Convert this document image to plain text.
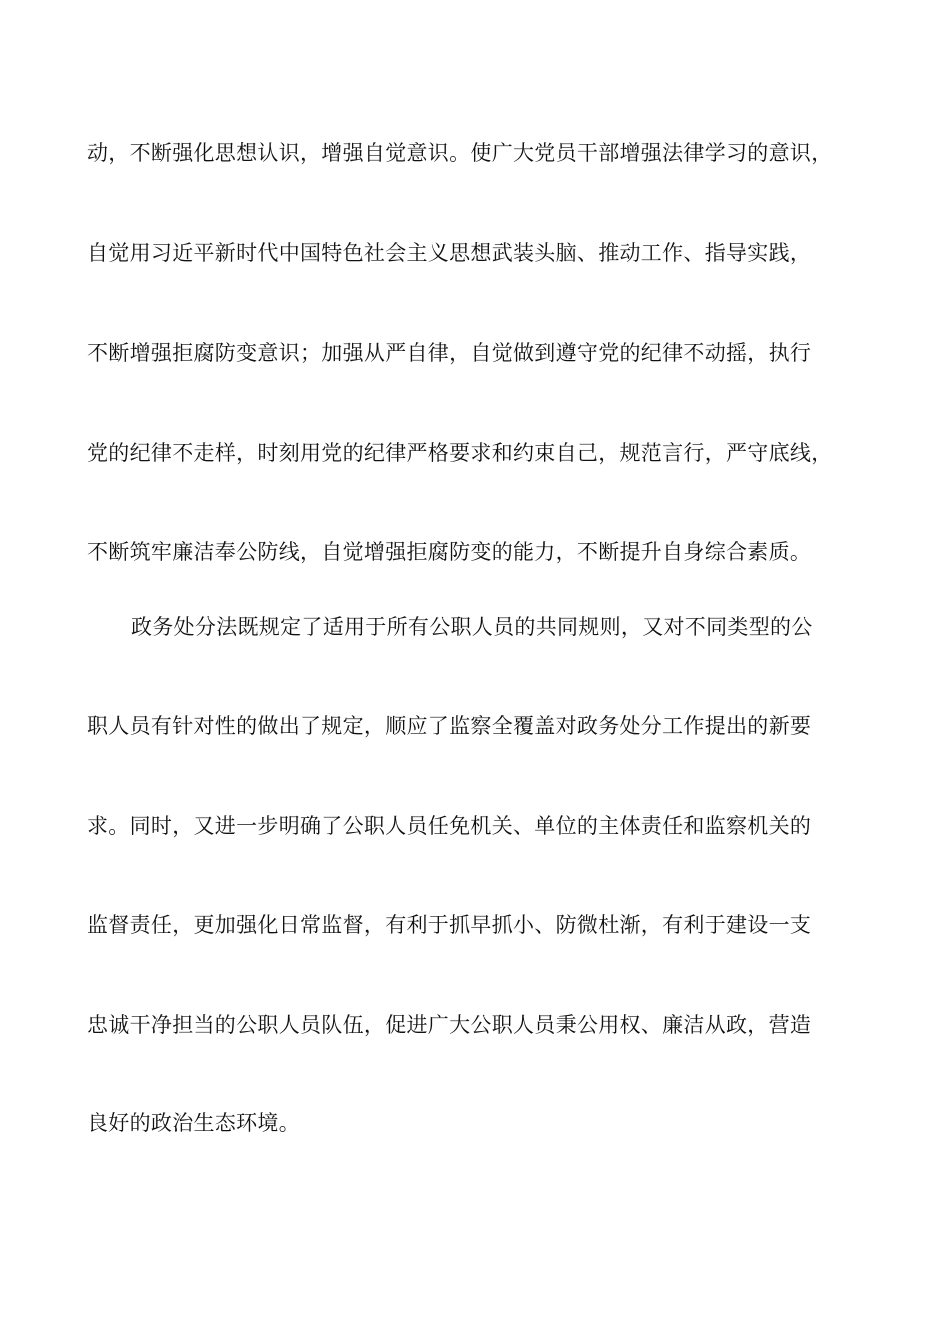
动，不断强化思想认识，增强自觉意识。使广大党员干部增强法律学习的意识，
自觉用习近平新时代中国特色社会主义思想武装头脑、推动工作、指导实践，
不断增强拒腐防变意识；加强从严自律，自觉做到遵守党的纪律不动摇，执行
党的纪律不走样，时刻用党的纪律严格要求和约束自己，规范言行，严守底线，
不断筑牢廉洁奉公防线，自觉增强拒腐防变的能力，不断提升自身综合素质。
政务处分法既规定了适用于所有公职人员的共同规则，又对不同类型的公
职人员有针对性的做出了规定，顺应了监察全覆盖对政务处分工作提出的新要
求。同时，又进一步明确了公职人员任免机关、单位的主体责任和监察机关的
监督责任，更加强化日常监督，有利于抓早抓小、防微杜渐，有利于建设一支
忠诚干净担当的公职人员队伍，促进广大公职人员秉公用权、廉洁从政，营造
良好的政治生态环境。
